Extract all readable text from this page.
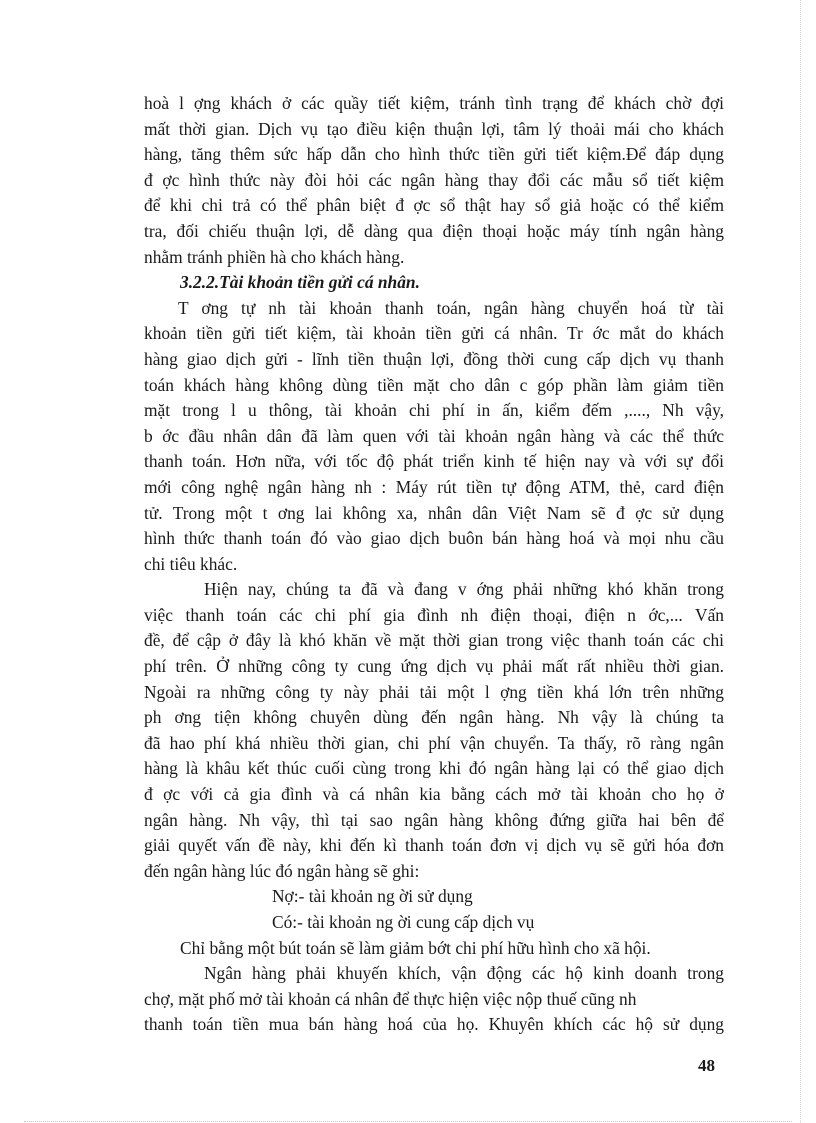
hoà l ợng khách ở các quầy tiết kiệm, tránh tình trạng để khách chờ đợi
mất thời gian. Dịch vụ tạo điều kiện thuận lợi, tâm lý thoải mái cho khách
hàng, tăng thêm sức hấp dẫn cho hình thức tiền gửi tiết kiệm.Để đáp dụng
đ ợc hình thức này đòi hỏi các ngân hàng thay đổi các mẫu sổ tiết kiệm
để khi chi trả có thể phân biệt đ ợc sổ thật hay sổ giả hoặc có thể kiểm
tra, đối chiếu thuận lợi, dễ dàng qua điện thoại hoặc máy tính ngân hàng
nhằm tránh phiền hà cho khách hàng.
3.2.2.Tài khoản tiền gửi cá nhân.
T ơng tự nh tài khoản thanh toán, ngân hàng chuyển hoá từ tài
khoản tiền gửi tiết kiệm, tài khoản tiền gửi cá nhân. Tr ớc mắt do khách
hàng giao dịch gửi - lĩnh tiền thuận lợi, đồng thời cung cấp dịch vụ thanh
toán khách hàng không dùng tiền mặt cho dân c góp phần làm giảm tiền
mặt trong l u thông, tài khoản chi phí in ấn, kiểm đếm ,...., Nh vậy,
b ớc đầu nhân dân đã làm quen với tài khoản ngân hàng và các thể thức
thanh toán. Hơn nữa, với tốc độ phát triển kinh tế hiện nay và với sự đổi
mới công nghệ ngân hàng nh : Máy rút tiền tự động ATM, thẻ, card điện
tử. Trong một t ơng lai không xa, nhân dân Việt Nam sẽ đ ợc sử dụng
hình thức thanh toán đó vào giao dịch buôn bán hàng hoá và mọi nhu cầu
chi tiêu khác.
Hiện nay, chúng ta đã và đang v ớng phải những khó khăn trong
việc thanh toán các chi phí gia đình nh điện thoại, điện n ớc,... Vấn
đề, để cập ở đây là khó khăn về mặt thời gian trong việc thanh toán các chi
phí trên. Ở những công ty cung ứng dịch vụ phải mất rất nhiều thời gian.
Ngoài ra những công ty này phải tải một l ợng tiền khá lớn trên những
ph ơng tiện không chuyên dùng đến ngân hàng. Nh vậy là chúng ta
đã hao phí khá nhiều thời gian, chi phí vận chuyển. Ta thấy, rõ ràng ngân
hàng là khâu kết thúc cuối cùng trong khi đó ngân hàng lại có thể giao dịch
đ ợc với cả gia đình và cá nhân kia bằng cách mở tài khoản cho họ ở
ngân hàng. Nh vậy, thì tại sao ngân hàng không đứng giữa hai bên để
giải quyết vấn đề này, khi đến kì thanh toán đơn vị dịch vụ sẽ gửi hóa đơn
đến ngân hàng lúc đó ngân hàng sẽ ghi:
Nợ:- tài khoản ng ời sử dụng
Có:- tài khoản ng ời cung cấp dịch vụ
Chỉ bằng một bút toán sẽ làm giảm bớt chi phí hữu hình cho xã hội.
Ngân hàng phải khuyến khích, vận động các hộ kinh doanh trong
chợ, mặt phố mở tài khoản cá nhân để thực hiện việc nộp thuế cũng nh
thanh toán tiền mua bán hàng hoá của họ. Khuyên khích các hộ sử dụng
48
